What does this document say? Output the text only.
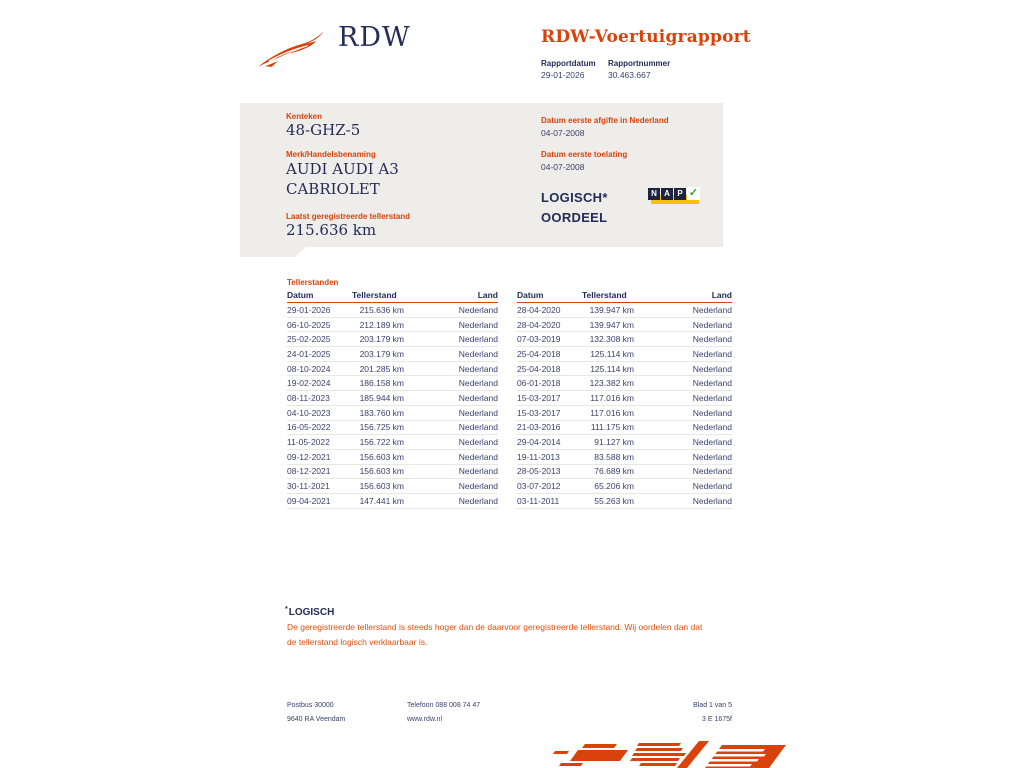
RDW	RDW-Voertuigrapport
Rapportdatum
29-01-2026
Rapportnummer
30.463.667
Kenteken
48-GHZ-5
Merk/Handelsbenaming
AUDI AUDI A3
CABRIOLET
Laatst geregistreerde tellerstand
215.636 km
Datum eerste afgifte in Nederland
04-07-2008
Datum eerste toelating
04-07-2008
LOGISCH*
OORDEEL
N A P ✓
Tellerstanden
Datum	Tellerstand	Land
29-01-2026	215.636 km	Nederland
06-10-2025	212.189 km	Nederland
25-02-2025	203.179 km	Nederland
24-01-2025	203.179 km	Nederland
08-10-2024	201.285 km	Nederland
19-02-2024	186.158 km	Nederland
08-11-2023	185.944 km	Nederland
04-10-2023	183.760 km	Nederland
16-05-2022	156.725 km	Nederland
11-05-2022	156.722 km	Nederland
09-12-2021	156.603 km	Nederland
08-12-2021	156.603 km	Nederland
30-11-2021	156.603 km	Nederland
09-04-2021	147.441 km	Nederland
Datum	Tellerstand	Land
28-04-2020	139.947 km	Nederland
28-04-2020	139.947 km	Nederland
07-03-2019	132.308 km	Nederland
25-04-2018	125.114 km	Nederland
25-04-2018	125.114 km	Nederland
06-01-2018	123.382 km	Nederland
15-03-2017	117.016 km	Nederland
15-03-2017	117.016 km	Nederland
21-03-2016	111.175 km	Nederland
29-04-2014	91.127 km	Nederland
19-11-2013	83.588 km	Nederland
28-05-2013	76.689 km	Nederland
03-07-2012	65.206 km	Nederland
03-11-2011	55.263 km	Nederland
*LOGISCH
De geregistreerde tellerstand is steeds hoger dan de daarvoor geregistreerde tellerstand. Wij oordelen dan dat de tellerstand logisch verklaarbaar is.
Postbus 30000
9640 RA Veendam
Telefoon 088 008 74 47
www.rdw.nl
Blad 1 van 5
3 E 1675f
